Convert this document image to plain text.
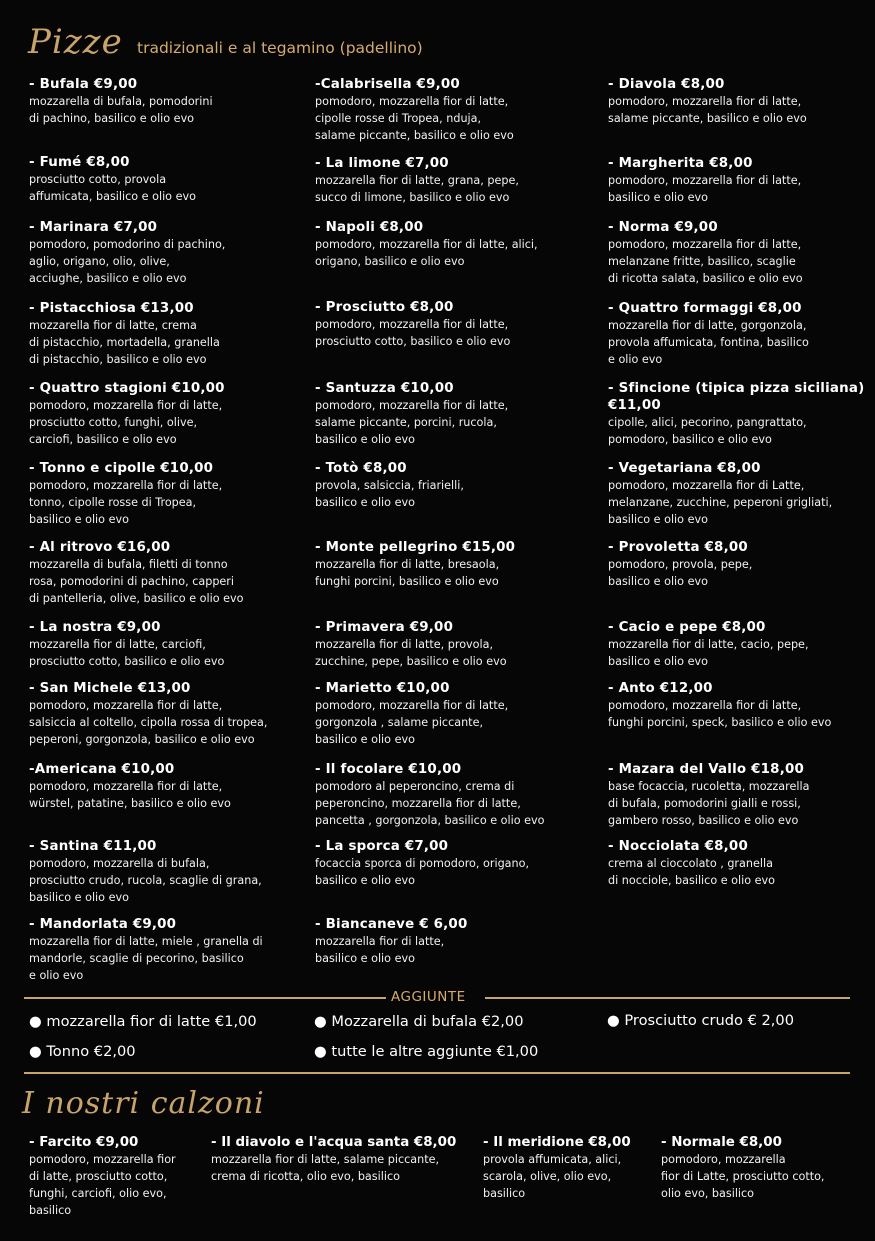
Pizze tradizionali e al tegamino (padellino)
- Bufala €9,00
mozzarella di bufala, pomodorini
di pachino, basilico e olio evo
- Fumé €8,00
prosciutto cotto, provola
affumicata, basilico e olio evo
- Marinara €7,00
pomodoro, pomodorino di pachino,
aglio, origano, olio, olive,
acciughe, basilico e olio evo
- Pistacchiosa €13,00
mozzarella fior di latte, crema
di pistacchio, mortadella, granella
di pistacchio, basilico e olio evo
- Quattro stagioni €10,00
pomodoro, mozzarella fior di latte,
prosciutto cotto, funghi, olive,
carciofi, basilico e olio evo
- Tonno e cipolle €10,00
pomodoro, mozzarella fior di latte,
tonno, cipolle rosse di Tropea,
basilico e olio evo
- Al ritrovo €16,00
mozzarella di bufala, filetti di tonno
rosa, pomodorini di pachino, capperi
di pantelleria, olive, basilico e olio evo
- La nostra €9,00
mozzarella fior di latte, carciofi,
prosciutto cotto, basilico e olio evo
- San Michele €13,00
pomodoro, mozzarella fior di latte,
salsiccia al coltello, cipolla rossa di tropea,
peperoni, gorgonzola, basilico e olio evo
-Americana €10,00
pomodoro, mozzarella fior di latte,
würstel, patatine, basilico e olio evo
- Santina €11,00
pomodoro, mozzarella di bufala,
prosciutto crudo, rucola, scaglie di grana,
basilico e olio evo
- Mandorlata €9,00
mozzarella fior di latte, miele , granella di
mandorle, scaglie di pecorino, basilico
e olio evo
-Calabrisella €9,00
pomodoro, mozzarella fior di latte,
cipolle rosse di Tropea, nduja,
salame piccante, basilico e olio evo
- La limone €7,00
mozzarella fior di latte, grana, pepe,
succo di limone, basilico e olio evo
- Napoli €8,00
pomodoro, mozzarella fior di latte, alici,
origano, basilico e olio evo
- Prosciutto €8,00
pomodoro, mozzarella fior di latte,
prosciutto cotto, basilico e olio evo
- Santuzza €10,00
pomodoro, mozzarella fior di latte,
salame piccante, porcini, rucola,
basilico e olio evo
- Totò €8,00
provola, salsiccia, friarielli,
basilico e olio evo
- Monte pellegrino €15,00
mozzarella fior di latte, bresaola,
funghi porcini, basilico e olio evo
- Primavera €9,00
mozzarella fior di latte, provola,
zucchine, pepe, basilico e olio evo
- Marietto €10,00
pomodoro, mozzarella fior di latte,
gorgonzola , salame piccante,
basilico e olio evo
- Il focolare €10,00
pomodoro al peperoncino, crema di
peperoncino, mozzarella fior di latte,
pancetta , gorgonzola, basilico e olio evo
- La sporca €7,00
focaccia sporca di pomodoro, origano,
basilico e olio evo
- Biancaneve € 6,00
mozzarella fior di latte,
basilico e olio evo
- Diavola €8,00
pomodoro, mozzarella fior di latte,
salame piccante, basilico e olio evo
- Margherita €8,00
pomodoro, mozzarella fior di latte,
basilico e olio evo
- Norma €9,00
pomodoro, mozzarella fior di latte,
melanzane fritte, basilico, scaglie
di ricotta salata, basilico e olio evo
- Quattro formaggi €8,00
mozzarella fior di latte, gorgonzola,
provola affumicata, fontina, basilico
e olio evo
- Sfincione (tipica pizza siciliana)
€11,00
cipolle, alici, pecorino, pangrattato,
pomodoro, basilico e olio evo
- Vegetariana €8,00
pomodoro, mozzarella fior di Latte,
melanzane, zucchine, peperoni grigliati,
basilico e olio evo
- Provoletta €8,00
pomodoro, provola, pepe,
basilico e olio evo
- Cacio e pepe €8,00
mozzarella fior di latte, cacio, pepe,
basilico e olio evo
- Anto €12,00
pomodoro, mozzarella fior di latte,
funghi porcini, speck, basilico e olio evo
- Mazara del Vallo €18,00
base focaccia, rucoletta, mozzarella
di bufala, pomodorini gialli e rossi,
gambero rosso, basilico e olio evo
- Nocciolata €8,00
crema al cioccolato , granella
di nocciole, basilico e olio evo
AGGIUNTE
● mozzarella fior di latte €1,00	● Mozzarella di bufala €2,00	● Prosciutto crudo € 2,00
● Tonno €2,00	● tutte le altre aggiunte €1,00
I nostri calzoni
- Farcito €9,00
pomodoro, mozzarella fior
di latte, prosciutto cotto,
funghi, carciofi, olio evo,
basilico
- Il diavolo e l'acqua santa €8,00
mozzarella fior di latte, salame piccante,
crema di ricotta, olio evo, basilico
- Il meridione €8,00
provola affumicata, alici,
scarola, olive, olio evo,
basilico
- Normale €8,00
pomodoro, mozzarella
fior di Latte, prosciutto cotto,
olio evo, basilico
